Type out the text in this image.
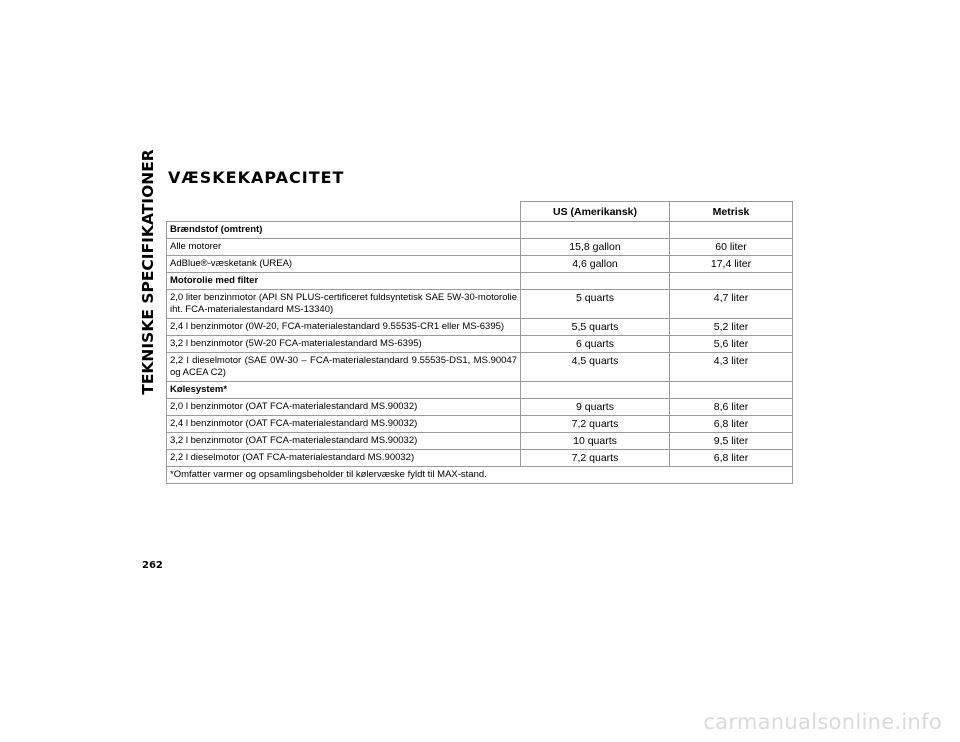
TEKNISKE SPECIFIKATIONER VÆSKEKAPACITET
	US (Amerikansk)	Metrisk
Brændstof (omtrent)		
Alle motorer	15,8 gallon	60 liter
AdBlue®-væsketank (UREA)	4,6 gallon	17,4 liter
Motorolie med filter		
2,0 liter benzinmotor (API SN PLUS-certificeret fuldsyntetisk SAE 5W-30-motorolie iht. FCA-materialestandard MS-13340)	5 quarts	4,7 liter
2,4 l benzinmotor (0W-20, FCA-materialestandard 9.55535-CR1 eller MS-6395)	5,5 quarts	5,2 liter
3,2 l benzinmotor (5W-20 FCA-materialestandard MS-6395)	6 quarts	5,6 liter
2,2 l dieselmotor (SAE 0W-30 – FCA-materialestandard 9.55535-DS1, MS.90047 og ACEA C2)	4,5 quarts	4,3 liter
Kølesystem*		
2,0 l benzinmotor (OAT FCA-materialestandard MS.90032)	9 quarts	8,6 liter
2,4 l benzinmotor (OAT FCA-materialestandard MS.90032)	7,2 quarts	6,8 liter
3,2 l benzinmotor (OAT FCA-materialestandard MS.90032)	10 quarts	9,5 liter
2,2 l dieselmotor (OAT FCA-materialestandard MS.90032)	7,2 quarts	6,8 liter
*Omfatter varmer og opsamlingsbeholder til kølervæske fyldt til MAX-stand.		
262
carmanualsonline.info
